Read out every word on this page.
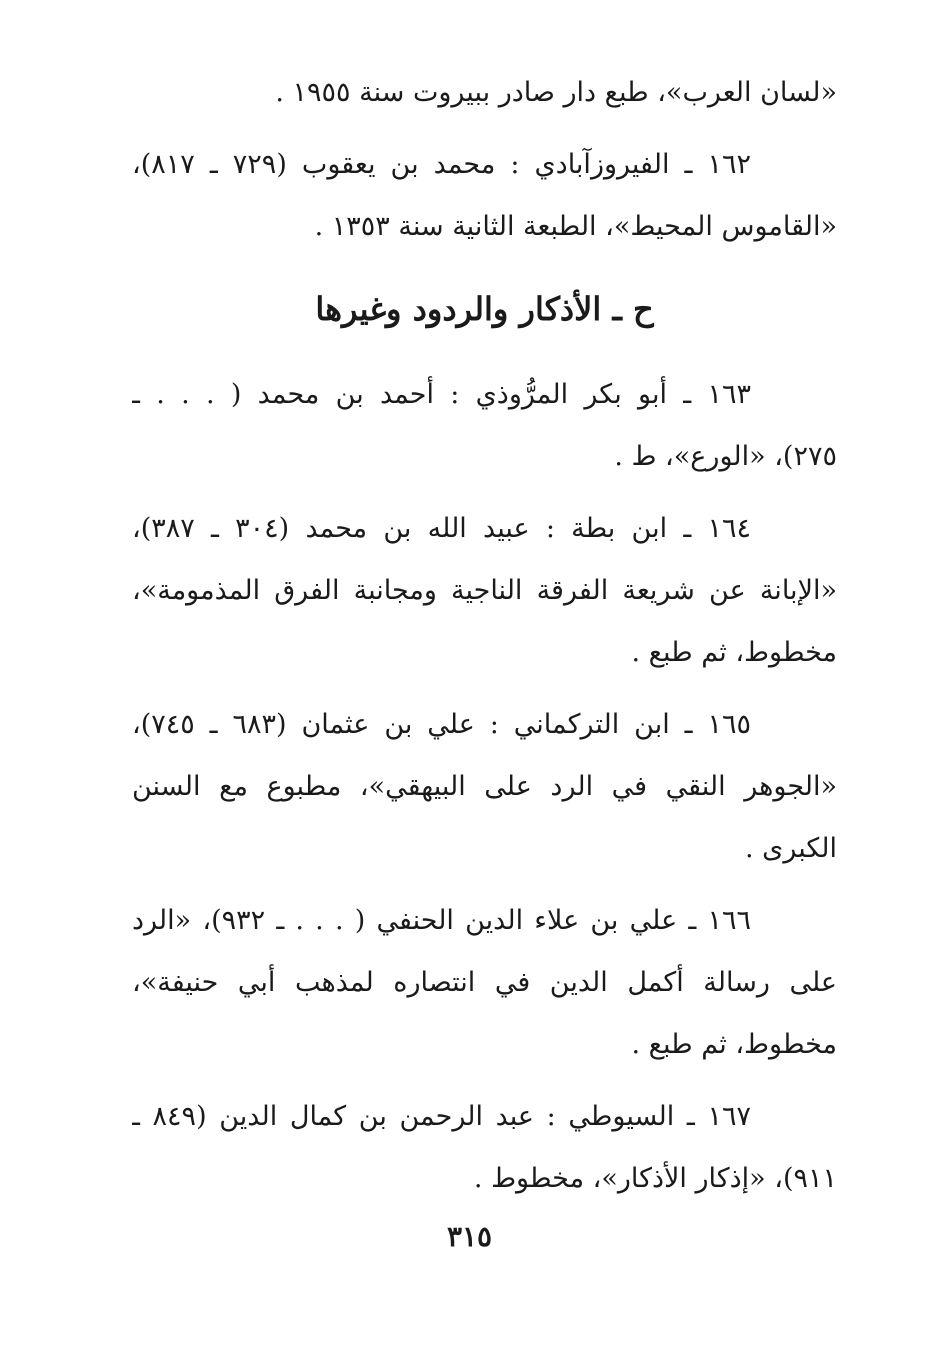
«لسان العرب»، طبع دار صادر ببيروت سنة ١٩٥٥ .
١٦٢ ـ الفيروزآبادي : محمد بن يعقوب (٧٢٩ ـ ٨١٧)،
«القاموس المحيط»، الطبعة الثانية سنة ١٣٥٣ .
ح ـ الأذكار والردود وغيرها
١٦٣ ـ أبو بكر المرُّوذي : أحمد بن محمد ( . . . ـ
٢٧٥)، «الورع»، ط .
١٦٤ ـ ابن بطة : عبيد الله بن محمد (٣٠٤ ـ ٣٨٧)،
«الإبانة عن شريعة الفرقة الناجية ومجانبة الفرق المذمومة»،
مخطوط، ثم طبع .
١٦٥ ـ ابن التركماني : علي بن عثمان (٦٨٣ ـ ٧٤٥)،
«الجوهر النقي في الرد على البيهقي»، مطبوع مع السنن
الكبرى .
١٦٦ ـ علي بن علاء الدين الحنفي ( . . . ـ ٩٣٢)، «الرد
على رسالة أكمل الدين في انتصاره لمذهب أبي حنيفة»،
مخطوط، ثم طبع .
١٦٧ ـ السيوطي : عبد الرحمن بن كمال الدين (٨٤٩ ـ
٩١١)، «إذكار الأذكار»، مخطوط .
٣١٥
